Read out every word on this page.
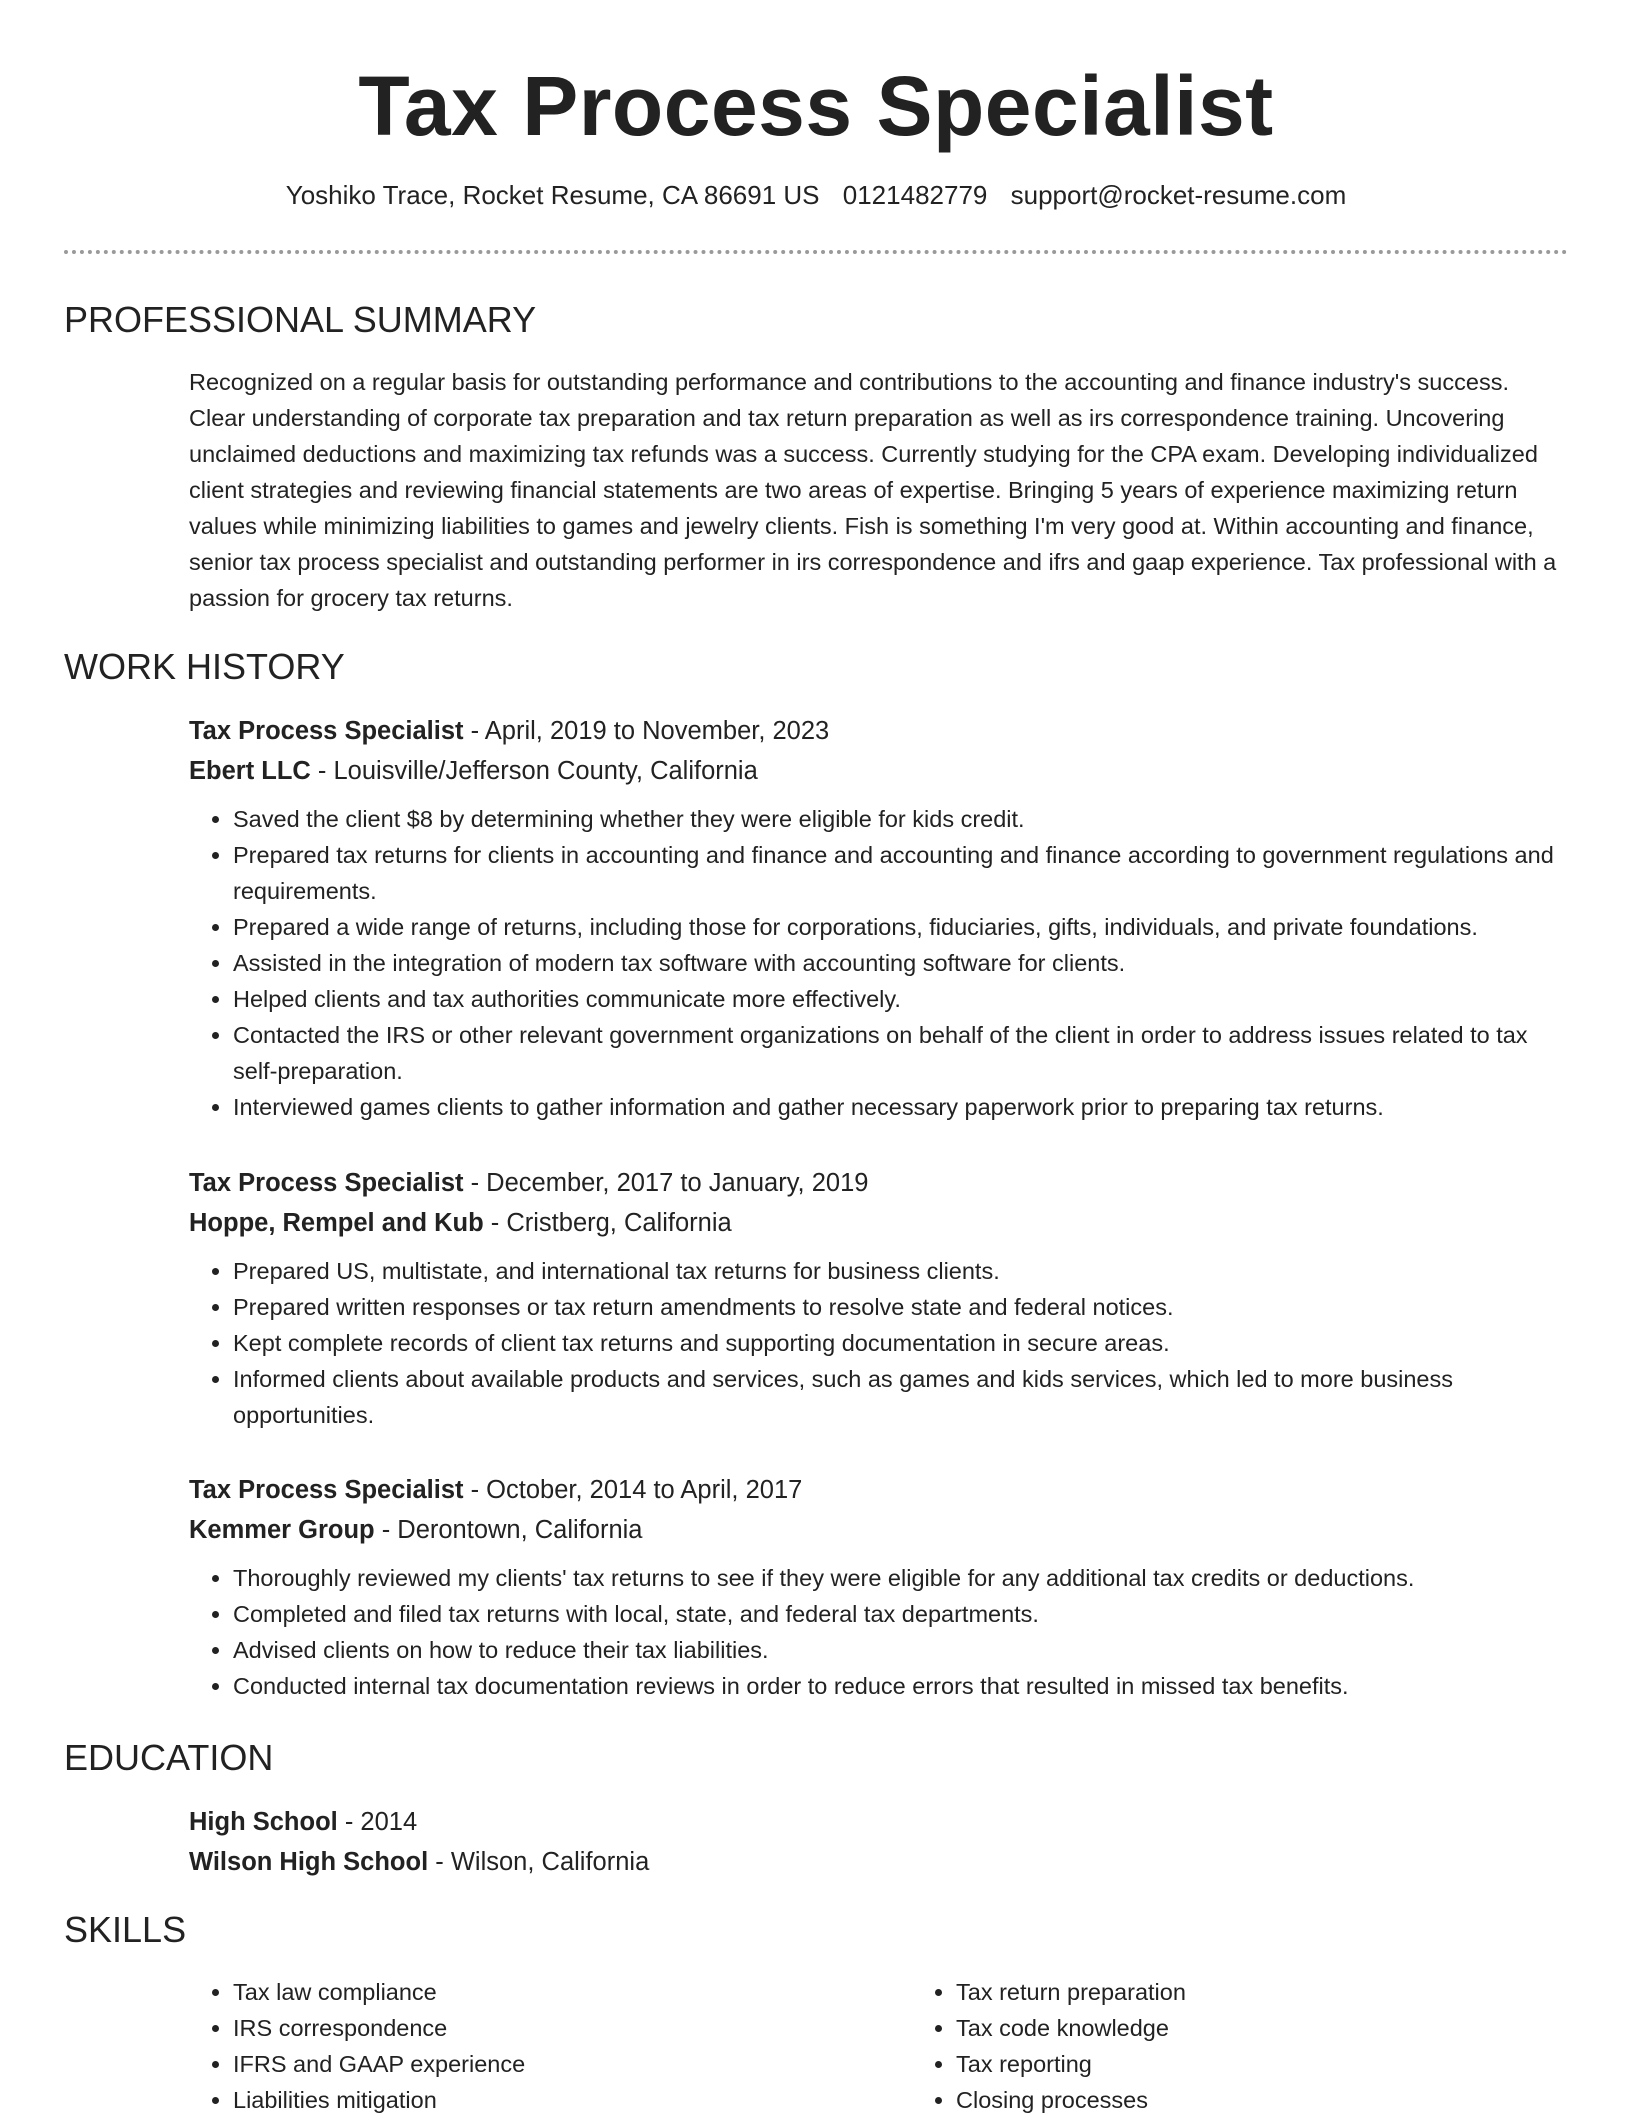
Tax Process Specialist
Yoshiko Trace, Rocket Resume, CA 86691 US 0121482779 support@rocket-resume.com
PROFESSIONAL SUMMARY

Recognized on a regular basis for outstanding performance and contributions to the accounting and finance industry's success. Clear understanding of corporate tax preparation and tax return preparation as well as irs correspondence training. Uncovering unclaimed deductions and maximizing tax refunds was a success. Currently studying for the CPA exam. Developing individualized client strategies and reviewing financial statements are two areas of expertise. Bringing 5 years of experience maximizing return values while minimizing liabilities to games and jewelry clients. Fish is something I'm very good at. Within accounting and finance, senior tax process specialist and outstanding performer in irs correspondence and ifrs and gaap experience. Tax professional with a passion for grocery tax returns.

WORK HISTORY

Tax Process Specialist - April, 2019 to November, 2023

Ebert LLC - Louisville/Jefferson County, California

• Saved the client $8 by determining whether they were eligible for kids credit.
• Prepared tax returns for clients in accounting and finance and accounting and finance according to government regulations and requirements.
• Prepared a wide range of returns, including those for corporations, fiduciaries, gifts, individuals, and private foundations.
• Assisted in the integration of modern tax software with accounting software for clients.
• Helped clients and tax authorities communicate more effectively.
• Contacted the IRS or other relevant government organizations on behalf of the client in order to address issues related to tax self-preparation.
• Interviewed games clients to gather information and gather necessary paperwork prior to preparing tax returns.

Tax Process Specialist - December, 2017 to January, 2019

Hoppe, Rempel and Kub - Cristberg, California

• Prepared US, multistate, and international tax returns for business clients.
• Prepared written responses or tax return amendments to resolve state and federal notices.
• Kept complete records of client tax returns and supporting documentation in secure areas.
• Informed clients about available products and services, such as games and kids services, which led to more business opportunities.

Tax Process Specialist - October, 2014 to April, 2017

Kemmer Group - Derontown, California

• Thoroughly reviewed my clients' tax returns to see if they were eligible for any additional tax credits or deductions.
• Completed and filed tax returns with local, state, and federal tax departments.
• Advised clients on how to reduce their tax liabilities.
• Conducted internal tax documentation reviews in order to reduce errors that resulted in missed tax benefits.
EDUCATION

High School - 2014

Wilson High School - Wilson, California

SKILLS
• Tax law compliance
• IRS correspondence
• IFRS and GAAP experience
• Liabilities mitigation
• Tax return preparation
• Tax code knowledge
• Tax reporting
• Closing processes
